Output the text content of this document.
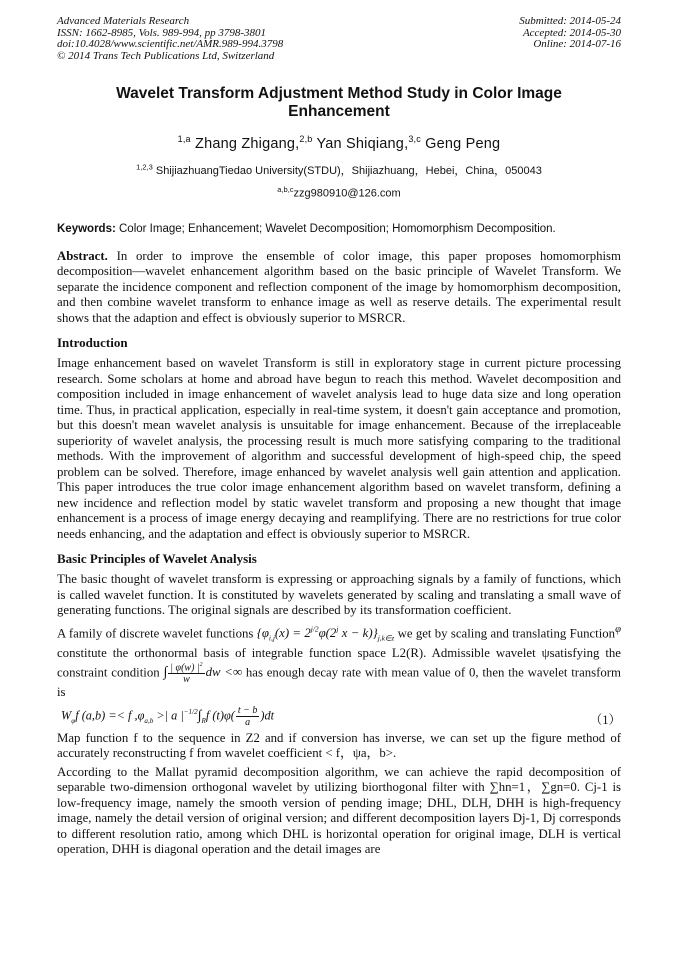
Advanced Materials Research
ISSN: 1662-8985, Vols. 989-994, pp 3798-3801
doi:10.4028/www.scientific.net/AMR.989-994.3798
© 2014 Trans Tech Publications Ltd, Switzerland
Submitted: 2014-05-24
Accepted: 2014-05-30
Online: 2014-07-16
Wavelet Transform Adjustment Method Study in Color Image Enhancement
$^{1,a}$ Zhang Zhigang,$^{2,b}$ Yan Shiqiang,$^{3,c}$ Geng Peng
$^{1,2,3}$ ShijiazhuangTiedao University(STDU)，Shijiazhuang，Hebei，China，050043
$^{a,b,c}$zzg980910@126.com
Keywords: Color Image; Enhancement; Wavelet Decomposition; Homomorphism Decomposition.
Abstract. In order to improve the ensemble of color image, this paper proposes homomorphism decomposition—wavelet enhancement algorithm based on the basic principle of Wavelet Transform. We separate the incidence component and reflection component of the image by homomorphism decomposition, and then combine wavelet transform to enhance image as well as reserve details. The experimental result shows that the adaption and effect is obviously superior to MSRCR.
Introduction
Image enhancement based on wavelet Transform is still in exploratory stage in current picture processing research. Some scholars at home and abroad have begun to reach this method. Wavelet decomposition and composition included in image enhancement of wavelet analysis lead to huge data size and long operation time. Thus, in practical application, especially in real-time system, it doesn't gain acceptance and promotion, but this doesn't mean wavelet analysis is unsuitable for image enhancement. Because of the irreplaceable superiority of wavelet analysis, the processing result is much more satisfying comparing to the traditional methods. With the improvement of algorithm and successful development of high-speed chip, the speed problem can be solved. Therefore, image enhanced by wavelet analysis well gain attention and application. This paper introduces the true color image enhancement algorithm based on wavelet transform, defining a new incidence and reflection model by static wavelet transform and proposing a new thought that image enhancement is a process of image energy decaying and reamplifying. There are no restrictions for true color needs enhancing, and the adaptation and effect is obviously superior to MSRCR.
Basic Principles of Wavelet Analysis
The basic thought of wavelet transform is expressing or approaching signals by a family of functions, which is called wavelet function. It is constituted by wavelets generated by scaling and translating a small wave of generating functions. The original signals are described by its transformation coefficient.
A family of discrete wavelet functions {$\varphi_{i,j}(x) = 2^{j/2}\varphi(2^j$ $x - k)\}_{j,k\in z}$ we get by scaling and translating Function$^\varphi$ constitute the orthonormal basis of integrable function space L2(R). Admissible wavelet ψsatisfying the constraint condition ∫ $\frac{| \varphi(w) |^2}{w}$ dw <∞ has enough decay rate with mean value of 0, then the wavelet transform is
$W_\varphi f$ (a,b) =< f $,\varphi_{a,b}$ >| a $|^{-1/2}\int_Rf$ $(t)\varphi( \frac{t - b}{a} )dt$	（1）
Map function f to the sequence in Z2 and if conversion has inverse, we can set up the figure method of accurately reconstructing f from wavelet coefficient < f，ψa，b>.
According to the Mallat pyramid decomposition algorithm, we can achieve the rapid decomposition of separable two-dimension orthogonal wavelet by utilizing biorthogonal filter with ∑hn=1，∑gn=0. Cj-1 is low-frequency image, namely the smooth version of pending image; DHL, DLH, DHH is high-frequency image, namely the detail version of original version; and different decomposition layers Dj-1, Dj corresponds to different resolution ratio, among which DHL is horizontal operation for original image, DLH is vertical operation, DHH is diagonal operation and the detail images are
